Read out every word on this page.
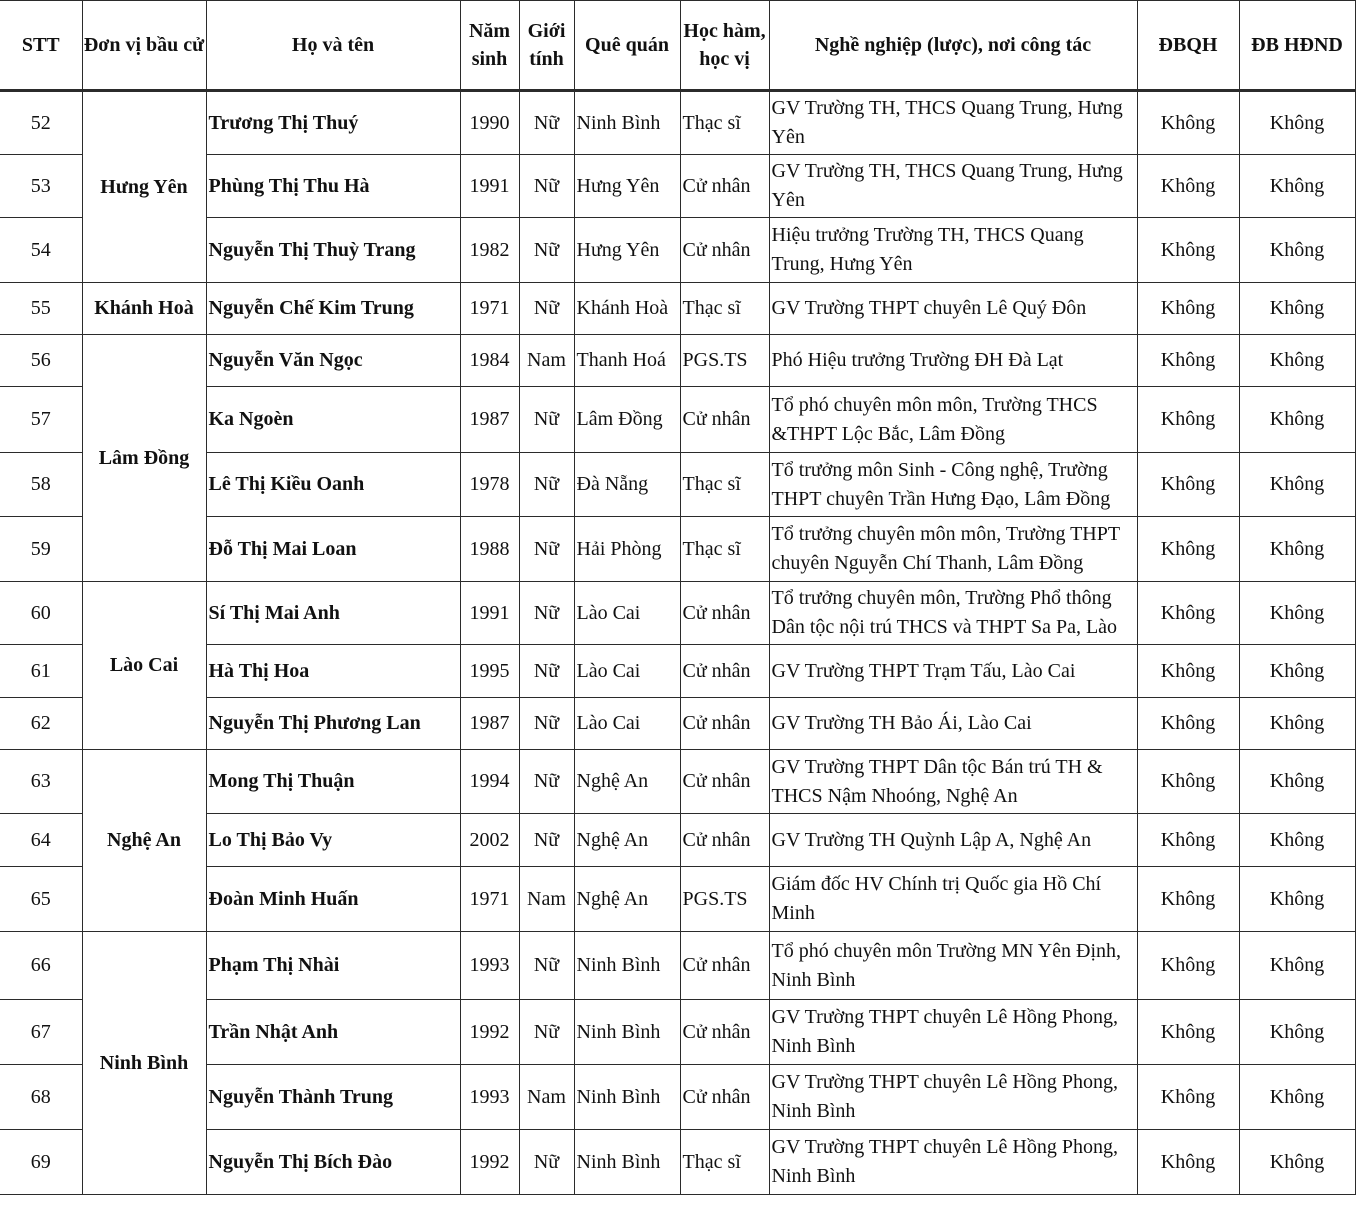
STT	Đơn vị bầu cử	Họ và tên	Năm sinh	Giới tính	Quê quán	Học hàm, học vị	Nghề nghiệp (lược), nơi công tác	ĐBQH	ĐB HĐND
52	Hưng Yên	Trương Thị Thuý	1990	Nữ	Ninh Bình	Thạc sĩ	GV Trường TH, THCS Quang Trung, Hưng Yên	Không	Không
53		Phùng Thị Thu Hà	1991	Nữ	Hưng Yên	Cử nhân	GV Trường TH, THCS Quang Trung, Hưng Yên	Không	Không
54		Nguyễn Thị Thuỳ Trang	1982	Nữ	Hưng Yên	Cử nhân	Hiệu trưởng Trường TH, THCS Quang Trung, Hưng Yên	Không	Không
55	Khánh Hoà	Nguyễn Chế Kim Trung	1971	Nữ	Khánh Hoà	Thạc sĩ	GV Trường THPT chuyên Lê Quý Đôn	Không	Không
56	Lâm Đồng	Nguyễn Văn Ngọc	1984	Nam	Thanh Hoá	PGS.TS	Phó Hiệu trưởng Trường ĐH Đà Lạt	Không	Không
57		Ka Ngoèn	1987	Nữ	Lâm Đồng	Cử nhân	Tổ phó chuyên môn môn, Trường THCS &THPT Lộc Bắc, Lâm Đồng	Không	Không
58		Lê Thị Kiều Oanh	1978	Nữ	Đà Nẵng	Thạc sĩ	Tổ trưởng môn Sinh - Công nghệ, Trường THPT chuyên Trần Hưng Đạo, Lâm Đồng	Không	Không
59		Đỗ Thị Mai Loan	1988	Nữ	Hải Phòng	Thạc sĩ	Tổ trưởng chuyên môn môn, Trường THPT chuyên Nguyễn Chí Thanh, Lâm Đồng	Không	Không
60	Lào Cai	Sí Thị Mai Anh	1991	Nữ	Lào Cai	Cử nhân	Tổ trưởng chuyên môn, Trường Phổ thông Dân tộc nội trú THCS và THPT Sa Pa, Lào	Không	Không
61		Hà Thị Hoa	1995	Nữ	Lào Cai	Cử nhân	GV Trường THPT Trạm Tấu, Lào Cai	Không	Không
62		Nguyễn Thị Phương Lan	1987	Nữ	Lào Cai	Cử nhân	GV Trường TH Bảo Ái, Lào Cai	Không	Không
63	Nghệ An	Mong Thị Thuận	1994	Nữ	Nghệ An	Cử nhân	GV Trường THPT Dân tộc Bán trú TH & THCS Nậm Nhoóng, Nghệ An	Không	Không
64		Lo Thị Bảo Vy	2002	Nữ	Nghệ An	Cử nhân	GV Trường TH Quỳnh Lập A, Nghệ An	Không	Không
65		Đoàn Minh Huấn	1971	Nam	Nghệ An	PGS.TS	Giám đốc HV Chính trị Quốc gia Hồ Chí Minh	Không	Không
66	Ninh Bình	Phạm Thị Nhài	1993	Nữ	Ninh Bình	Cử nhân	Tổ phó chuyên môn Trường MN Yên Định, Ninh Bình	Không	Không
67		Trần Nhật Anh	1992	Nữ	Ninh Bình	Cử nhân	GV Trường THPT chuyên Lê Hồng Phong, Ninh Bình	Không	Không
68		Nguyễn Thành Trung	1993	Nam	Ninh Bình	Cử nhân	GV Trường THPT chuyên Lê Hồng Phong, Ninh Bình	Không	Không
69		Nguyễn Thị Bích Đào	1992	Nữ	Ninh Bình	Thạc sĩ	GV Trường THPT chuyên Lê Hồng Phong, Ninh Bình	Không	Không
